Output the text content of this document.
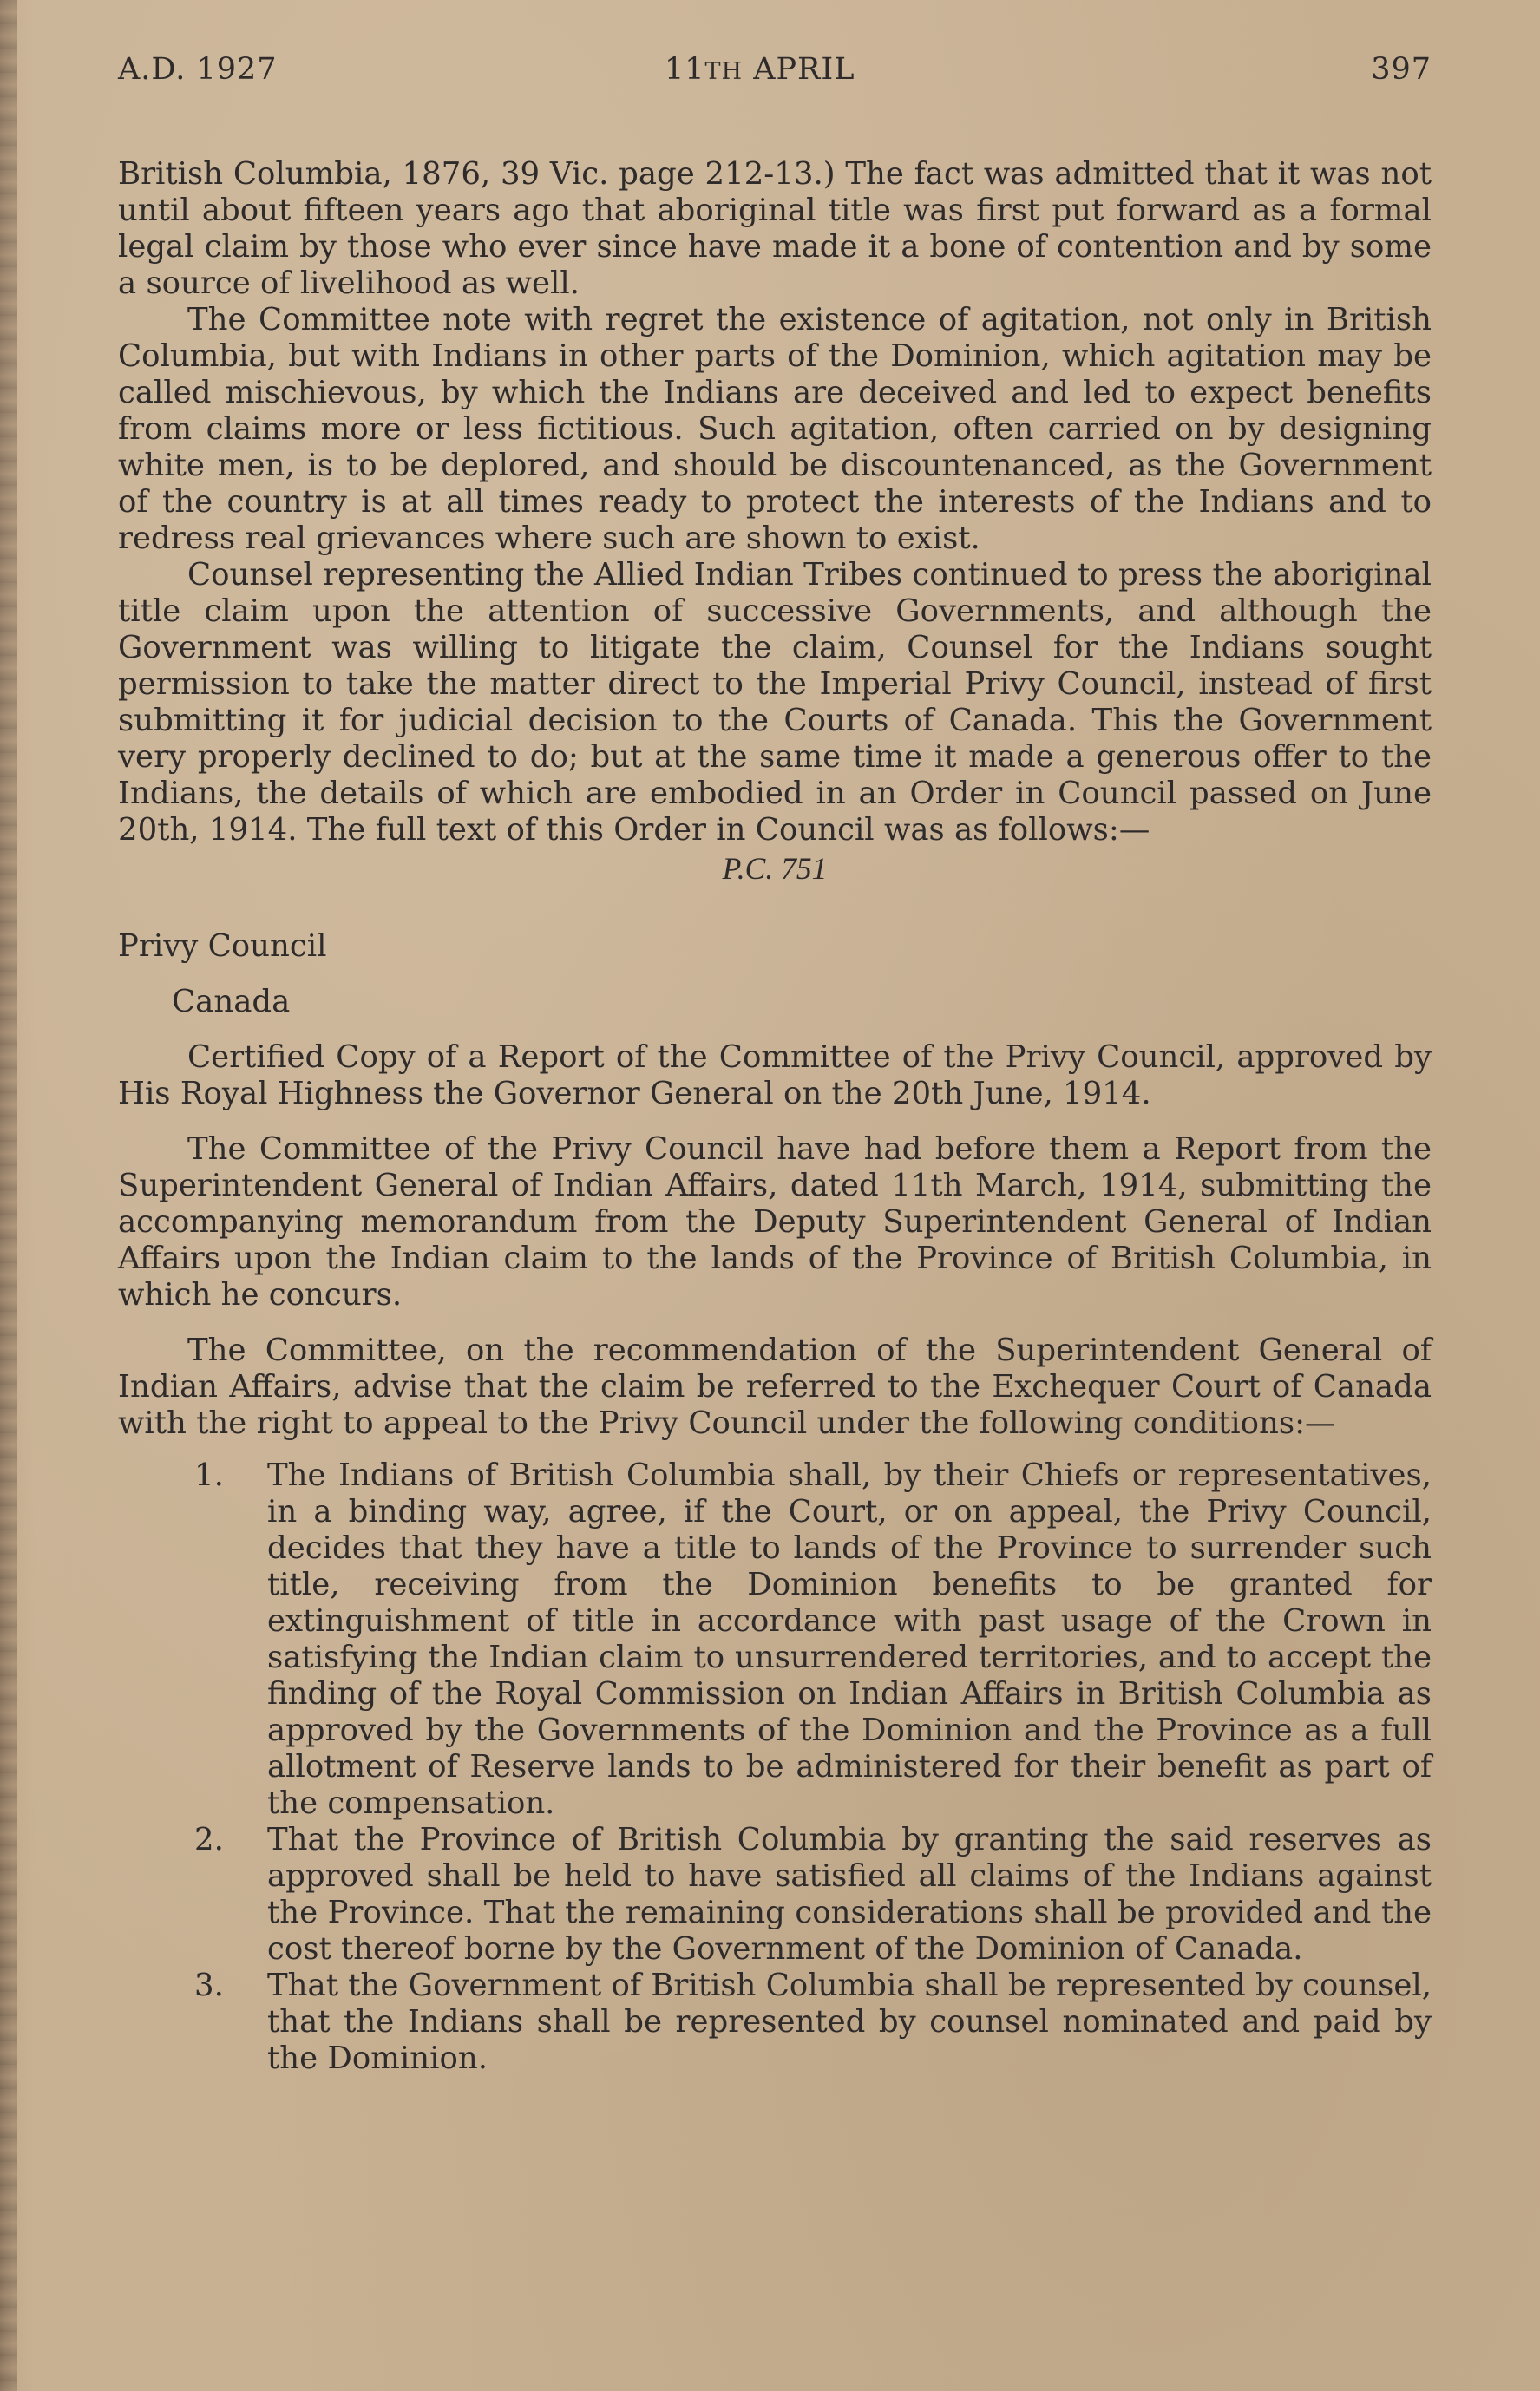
A.D. 1927	11TH APRIL	397

British Columbia, 1876, 39 Vic. page 212-13.) The fact was admitted that it was not until about fifteen years ago that aboriginal title was first put forward as a formal legal claim by those who ever since have made it a bone of contention and by some a source of livelihood as well.

The Committee note with regret the existence of agitation, not only in British Columbia, but with Indians in other parts of the Dominion, which agitation may be called mischievous, by which the Indians are deceived and led to expect benefits from claims more or less fictitious. Such agitation, often carried on by designing white men, is to be deplored, and should be discountenanced, as the Government of the country is at all times ready to protect the interests of the Indians and to redress real grievances where such are shown to exist.

Counsel representing the Allied Indian Tribes continued to press the aboriginal title claim upon the attention of successive Governments, and although the Government was willing to litigate the claim, Counsel for the Indians sought permission to take the matter direct to the Imperial Privy Council, instead of first submitting it for judicial decision to the Courts of Canada. This the Government very properly declined to do; but at the same time it made a generous offer to the Indians, the details of which are embodied in an Order in Council passed on June 20th, 1914. The full text of this Order in Council was as follows:—

P.C. 751

Privy Council

Canada

Certified Copy of a Report of the Committee of the Privy Council, approved by His Royal Highness the Governor General on the 20th June, 1914.

The Committee of the Privy Council have had before them a Report from the Superintendent General of Indian Affairs, dated 11th March, 1914, submitting the accompanying memorandum from the Deputy Superintendent General of Indian Affairs upon the Indian claim to the lands of the Province of British Columbia, in which he concurs.

The Committee, on the recommendation of the Superintendent General of Indian Affairs, advise that the claim be referred to the Exchequer Court of Canada with the right to appeal to the Privy Council under the following conditions:—

1. The Indians of British Columbia shall, by their Chiefs or representatives, in a binding way, agree, if the Court, or on appeal, the Privy Council, decides that they have a title to lands of the Province to surrender such title, receiving from the Dominion benefits to be granted for extinguishment of title in accordance with past usage of the Crown in satisfying the Indian claim to unsurrendered territories, and to accept the finding of the Royal Commission on Indian Affairs in British Columbia as approved by the Governments of the Dominion and the Province as a full allotment of Reserve lands to be administered for their benefit as part of the compensation.
2. That the Province of British Columbia by granting the said reserves as approved shall be held to have satisfied all claims of the Indians against the Province. That the remaining considerations shall be provided and the cost thereof borne by the Government of the Dominion of Canada.
3. That the Government of British Columbia shall be represented by counsel, that the Indians shall be represented by counsel nominated and paid by the Dominion.
